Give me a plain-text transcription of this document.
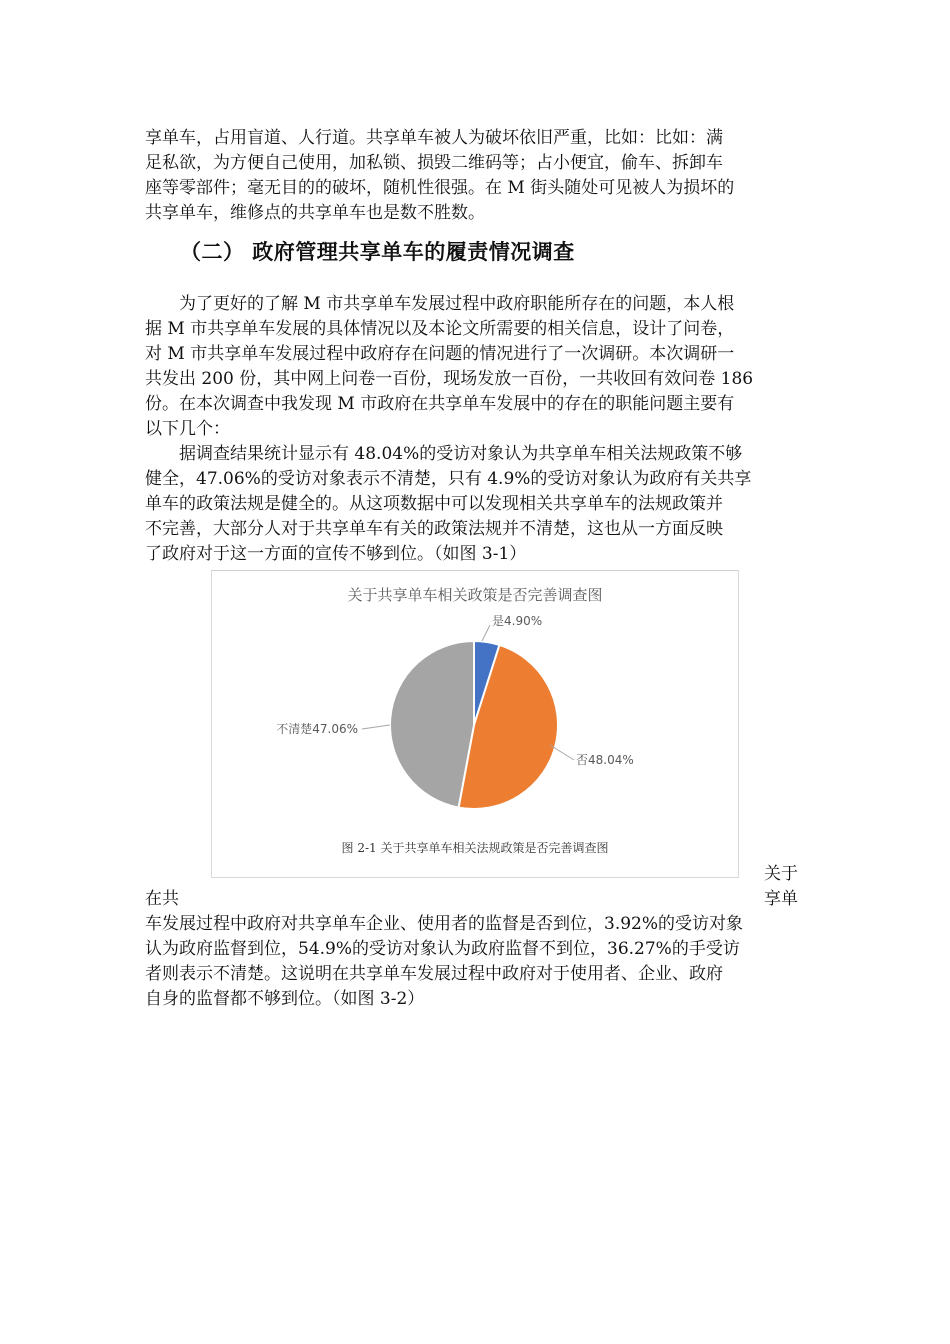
享单车，占用盲道、人行道。共享单车被人为破坏依旧严重，比如：比如：满
足私欲，为方便自己使用，加私锁、损毁二维码等；占小便宜，偷车、拆卸车
座等零部件；毫无目的的破坏，随机性很强。在 M 街头随处可见被人为损坏的
共享单车，维修点的共享单车也是数不胜数。
（二） 政府管理共享单车的履责情况调查
　　为了更好的了解 M 市共享单车发展过程中政府职能所存在的问题，本人根
据 M 市共享单车发展的具体情况以及本论文所需要的相关信息，设计了问卷，
对 M 市共享单车发展过程中政府存在问题的情况进行了一次调研。本次调研一
共发出 200 份，其中网上问卷一百份，现场发放一百份，一共收回有效问卷 186
份。在本次调查中我发现 M 市政府在共享单车发展中的存在的职能问题主要有
以下几个：
　　据调查结果统计显示有 48.04%的受访对象认为共享单车相关法规政策不够
健全，47.06%的受访对象表示不清楚，只有 4.9%的受访对象认为政府有关共享
单车的政策法规是健全的。从这项数据中可以发现相关共享单车的法规政策并
不完善，大部分人对于共享单车有关的政策法规并不清楚，这也从一方面反映
了政府对于这一方面的宣传不够到位。（如图 3-1）
关于共享单车相关政策是否完善调查图
是4.90%
否48.04%
不清楚47.06%
图 2-1 关于共享单车相关法规政策是否完善调查图
关于
在共	享单
车发展过程中政府对共享单车企业、使用者的监督是否到位，3.92%的受访对象
认为政府监督到位，54.9%的受访对象认为政府监督不到位，36.27%的手受访
者则表示不清楚。这说明在共享单车发展过程中政府对于使用者、企业、政府
自身的监督都不够到位。（如图 3-2）
